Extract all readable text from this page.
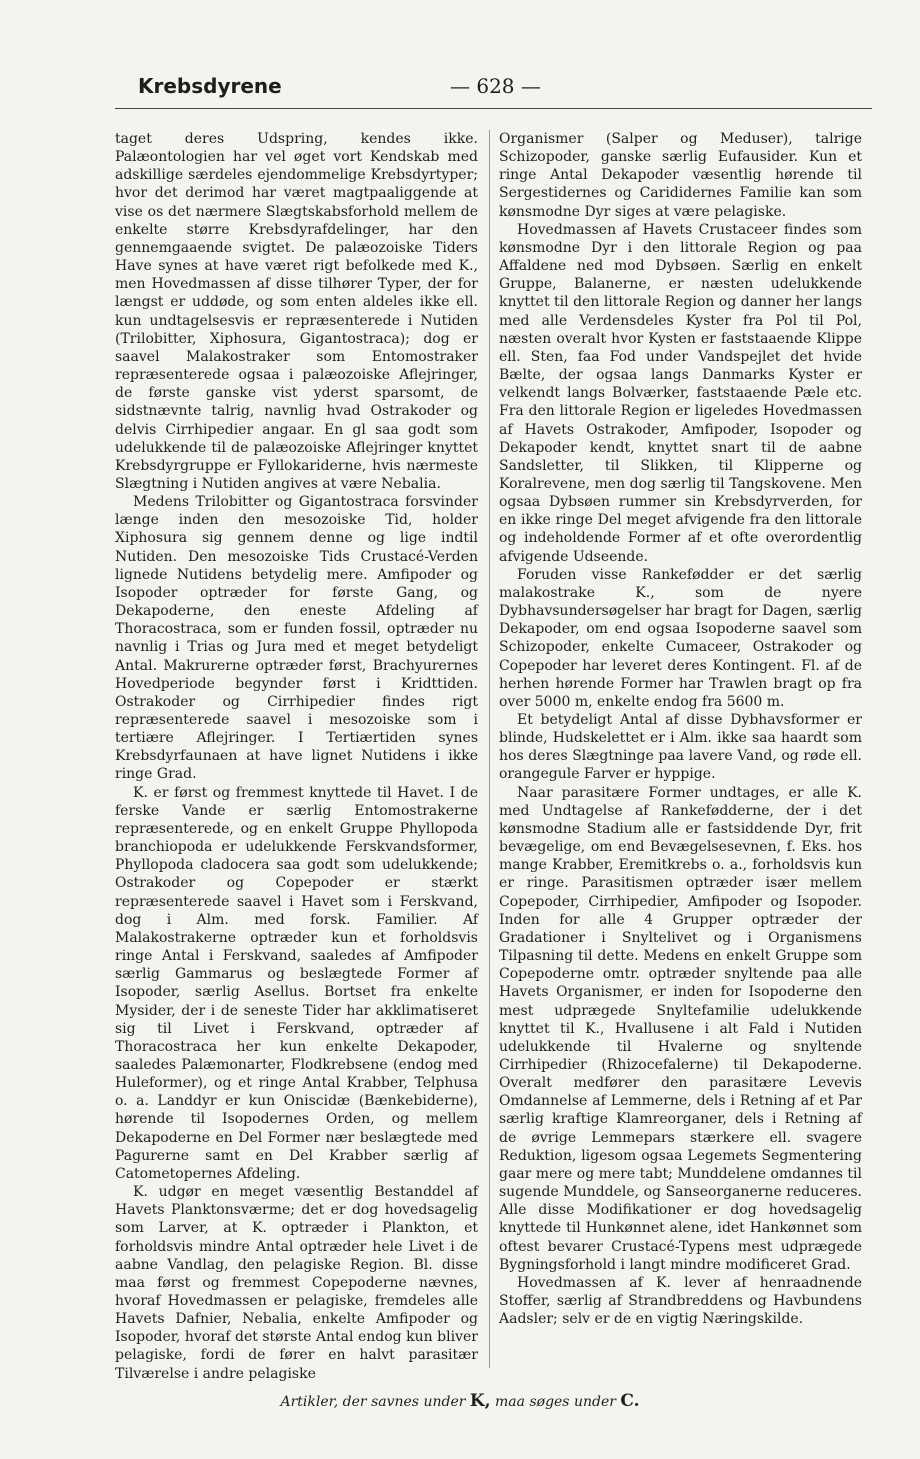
Krebsdyrene	— 628 —

taget deres Udspring, kendes ikke. Palæontologien har vel øget vort Kendskab med adskillige særdeles ejendommelige Krebsdyrtyper; hvor det derimod har været magtpaaliggende at vise os det nærmere Slægtskabsforhold mellem de enkelte større Krebsdyrafdelinger, har den gennemgaaende svigtet. De palæozoiske Tiders Have synes at have været rigt befolkede med K., men Hovedmassen af disse tilhører Typer, der for længst er uddøde, og som enten aldeles ikke ell. kun undtagelsesvis er repræsenterede i Nutiden (Trilobitter, Xiphosura, Gigantostraca); dog er saavel Malakostraker som Entomostraker repræsenterede ogsaa i palæozoiske Aflejringer, de første ganske vist yderst sparsomt, de sidstnævnte talrig, navnlig hvad Ostrakoder og delvis Cirrhipedier angaar. En gl saa godt som udelukkende til de palæozoiske Aflejringer knyttet Krebsdyrgruppe er Fyllokariderne, hvis nærmeste Slægtning i Nutiden angives at være Nebalia.

Medens Trilobitter og Gigantostraca forsvinder længe inden den mesozoiske Tid, holder Xiphosura sig gennem denne og lige indtil Nutiden. Den mesozoiske Tids Crustacé-Verden lignede Nutidens betydelig mere. Amfipoder og Isopoder optræder for første Gang, og Dekapoderne, den eneste Afdeling af Thoracostraca, som er funden fossil, optræder nu navnlig i Trias og Jura med et meget betydeligt Antal. Makrurerne optræder først, Brachyurernes Hovedperiode begynder først i Kridttiden. Ostrakoder og Cirrhipedier findes rigt repræsenterede saavel i mesozoiske som i tertiære Aflejringer. I Tertiærtiden synes Krebsdyrfaunaen at have lignet Nutidens i ikke ringe Grad.

K. er først og fremmest knyttede til Havet. I de ferske Vande er særlig Entomostrakerne repræsenterede, og en enkelt Gruppe Phyllopoda branchiopoda er udelukkende Ferskvandsformer, Phyllopoda cladocera saa godt som udelukkende; Ostrakoder og Copepoder er stærkt repræsenterede saavel i Havet som i Ferskvand, dog i Alm. med forsk. Familier. Af Malakostrakerne optræder kun et forholdsvis ringe Antal i Ferskvand, saaledes af Amfipoder særlig Gammarus og beslægtede Former af Isopoder, særlig Asellus. Bortset fra enkelte Mysider, der i de seneste Tider har akklimatiseret sig til Livet i Ferskvand, optræder af Thoracostraca her kun enkelte Dekapoder, saaledes Palæmonarter, Flodkrebsene (endog med Huleformer), og et ringe Antal Krabber, Telphusa o. a. Landdyr er kun Oniscidæ (Bænkebiderne), hørende til Isopodernes Orden, og mellem Dekapoderne en Del Former nær beslægtede med Pagurerne samt en Del Krabber særlig af Catometopernes Afdeling.

K. udgør en meget væsentlig Bestanddel af Havets Planktonsværme; det er dog hovedsagelig som Larver, at K. optræder i Plankton, et forholdsvis mindre Antal optræder hele Livet i de aabne Vandlag, den pelagiske Region. Bl. disse maa først og fremmest Copepoderne nævnes, hvoraf Hovedmassen er pelagiske, fremdeles alle Havets Dafnier, Nebalia, enkelte Amfipoder og Isopoder, hvoraf det største Antal endog kun bliver pelagiske, fordi de fører en halvt parasitær Tilværelse i andre pelagiske

Organismer (Salper og Meduser), talrige Schizopoder, ganske særlig Eufausider. Kun et ringe Antal Dekapoder væsentlig hørende til Sergestidernes og Carididernes Familie kan som kønsmodne Dyr siges at være pelagiske.

Hovedmassen af Havets Crustaceer findes som kønsmodne Dyr i den littorale Region og paa Affaldene ned mod Dybsøen. Særlig en enkelt Gruppe, Balanerne, er næsten udelukkende knyttet til den littorale Region og danner her langs med alle Verdensdeles Kyster fra Pol til Pol, næsten overalt hvor Kysten er faststaaende Klippe ell. Sten, faa Fod under Vandspejlet det hvide Bælte, der ogsaa langs Danmarks Kyster er velkendt langs Bolværker, faststaaende Pæle etc. Fra den littorale Region er ligeledes Hovedmassen af Havets Ostrakoder, Amfipoder, Isopoder og Dekapoder kendt, knyttet snart til de aabne Sandsletter, til Slikken, til Klipperne og Koralrevene, men dog særlig til Tangskovene. Men ogsaa Dybsøen rummer sin Krebsdyrverden, for en ikke ringe Del meget afvigende fra den littorale og indeholdende Former af et ofte overordentlig afvigende Udseende.

Foruden visse Rankefødder er det særlig malakostrake K., som de nyere Dybhavsundersøgelser har bragt for Dagen, særlig Dekapoder, om end ogsaa Isopoderne saavel som Schizopoder, enkelte Cumaceer, Ostrakoder og Copepoder har leveret deres Kontingent. Fl. af de herhen hørende Former har Trawlen bragt op fra over 5000 m, enkelte endog fra 5600 m.

Et betydeligt Antal af disse Dybhavsformer er blinde, Hudskelettet er i Alm. ikke saa haardt som hos deres Slægtninge paa lavere Vand, og røde ell. orangegule Farver er hyppige.

Naar parasitære Former undtages, er alle K. med Undtagelse af Rankefødderne, der i det kønsmodne Stadium alle er fastsiddende Dyr, frit bevægelige, om end Bevægelsesevnen, f. Eks. hos mange Krabber, Eremitkrebs o. a., forholdsvis kun er ringe. Parasitismen optræder især mellem Copepoder, Cirrhipedier, Amfipoder og Isopoder. Inden for alle 4 Grupper optræder der Gradationer i Snyltelivet og i Organismens Tilpasning til dette. Medens en enkelt Gruppe som Copepoderne omtr. optræder snyltende paa alle Havets Organismer, er inden for Isopoderne den mest udprægede Snyltefamilie udelukkende knyttet til K., Hvallusene i alt Fald i Nutiden udelukkende til Hvalerne og snyltende Cirrhipedier (Rhizocefalerne) til Dekapoderne. Overalt medfører den parasitære Levevis Omdannelse af Lemmerne, dels i Retning af et Par særlig kraftige Klamreorganer, dels i Retning af de øvrige Lemmepars stærkere ell. svagere Reduktion, ligesom ogsaa Legemets Segmentering gaar mere og mere tabt; Munddelene omdannes til sugende Munddele, og Sanseorganerne reduceres. Alle disse Modifikationer er dog hovedsagelig knyttede til Hunkønnet alene, idet Hankønnet som oftest bevarer Crustacé-Typens mest udprægede Bygningsforhold i langt mindre modificeret Grad.

Hovedmassen af K. lever af henraadnende Stoffer, særlig af Strandbreddens og Havbundens Aadsler; selv er de en vigtig Næringskilde.

Artikler, der savnes under K, maa søges under C.
